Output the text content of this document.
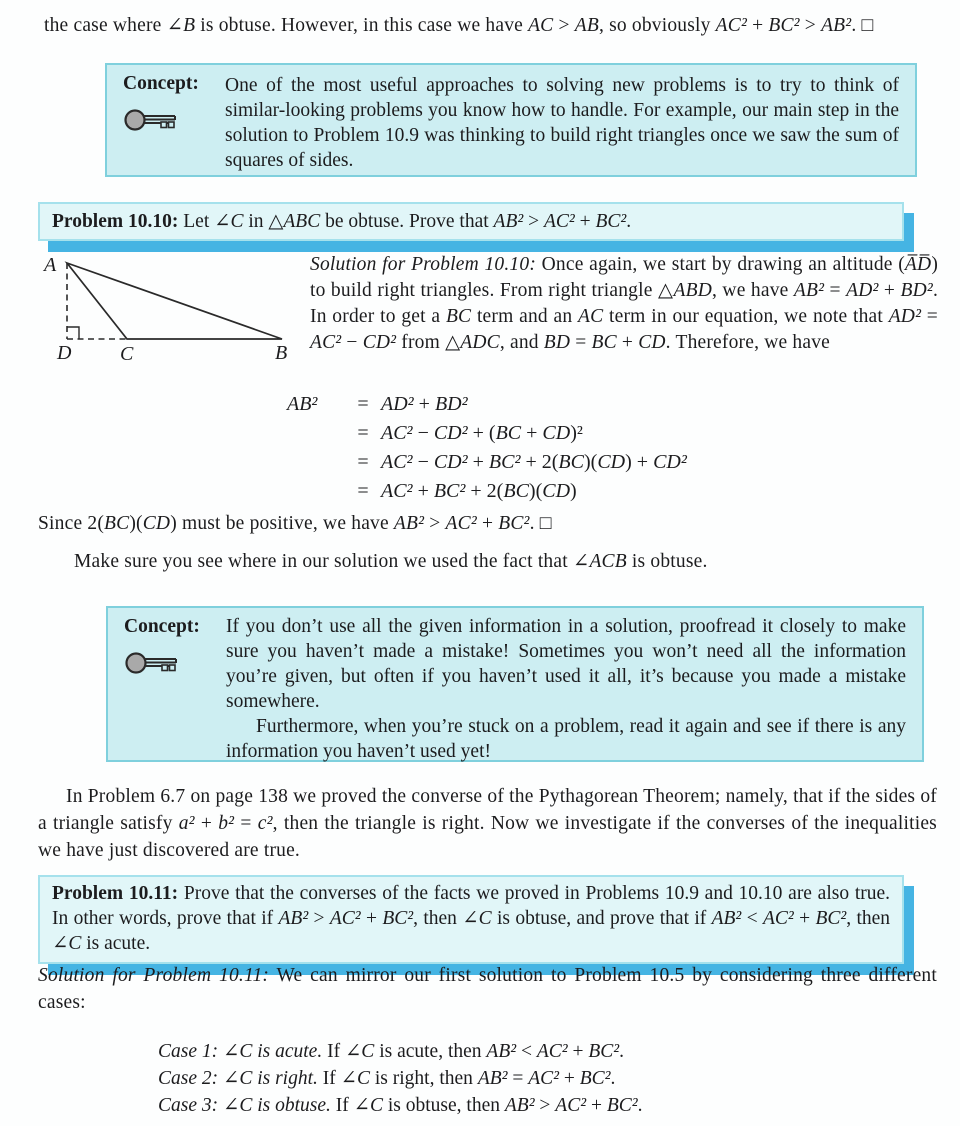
the case where ∠B is obtuse. However, in this case we have AC > AB, so obviously AC² + BC² > AB². □
Concept: One of the most useful approaches to solving new problems is to try to think of similar-looking problems you know how to handle. For example, our main step in the solution to Problem 10.9 was thinking to build right triangles once we saw the sum of squares of sides.
Problem 10.10: Let ∠C in △ABC be obtuse. Prove that AB² > AC² + BC².
A
D C	B
Solution for Problem 10.10: Once again, we start by drawing an altitude (A̅D̅) to build right triangles. From right triangle △ABD, we have AB² = AD² + BD². In order to get a BC term and an AC term in our equation, we note that AD² = AC² − CD² from △ADC, and BD = BC + CD. Therefore, we have
AB²	= AD² + BD²
= AC² − CD² + (BC + CD)²
= AC² − CD² + BC² + 2(BC)(CD) + CD²
= AC² + BC² + 2(BC)(CD)
Since 2(BC)(CD) must be positive, we have AB² > AC² + BC². □
Make sure you see where in our solution we used the fact that ∠ACB is obtuse.
Concept: If you don’t use all the given information in a solution, proofread it closely to make sure you haven’t made a mistake! Sometimes you won’t need all the information you’re given, but often if you haven’t used it all, it’s because you made a mistake somewhere.
Furthermore, when you’re stuck on a problem, read it again and see if there is any information you haven’t used yet!
In Problem 6.7 on page 138 we proved the converse of the Pythagorean Theorem; namely, that if the sides of a triangle satisfy a² + b² = c², then the triangle is right. Now we investigate if the converses of the inequalities we have just discovered are true.
Problem 10.11: Prove that the converses of the facts we proved in Problems 10.9 and 10.10 are also true. In other words, prove that if AB² > AC² + BC², then ∠C is obtuse, and prove that if AB² < AC² + BC², then ∠C is acute.
Solution for Problem 10.11: We can mirror our first solution to Problem 10.5 by considering three different cases:
Case 1: ∠C is acute. If ∠C is acute, then AB² < AC² + BC².
Case 2: ∠C is right. If ∠C is right, then AB² = AC² + BC².
Case 3: ∠C is obtuse. If ∠C is obtuse, then AB² > AC² + BC².
